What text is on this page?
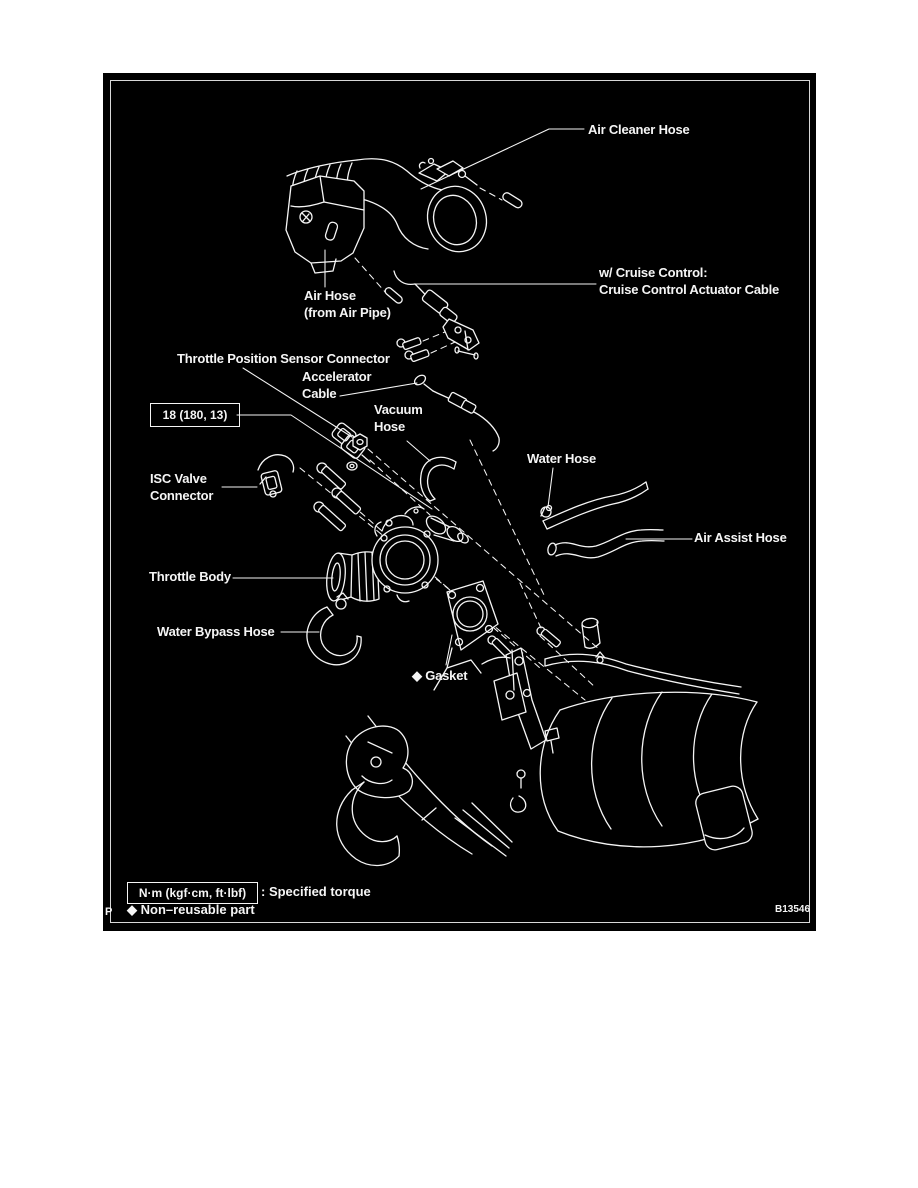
Air Cleaner Hose
w/ Cruise Control:
Cruise Control Actuator Cable
Air Hose
(from Air Pipe)
Throttle Position Sensor Connector
Accelerator
Cable
18 (180, 13)	Vacuum
Hose
Water Hose
ISC Valve
Connector
Air Assist Hose
Throttle Body
Water Bypass Hose
◆ Gasket
N·m (kgf·cm, ft·lbf)	: Specified torque
◆ Non–reusable part
P	B13546
